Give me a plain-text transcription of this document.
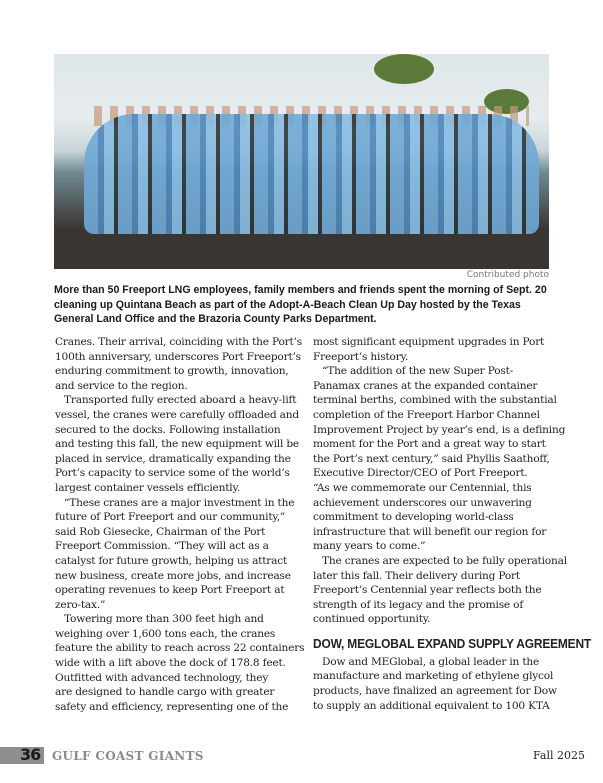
Contributed photo
More than 50 Freeport LNG employees, family members and friends spent the morning of Sept. 20 cleaning up Quintana Beach as part of the Adopt-A-Beach Clean Up Day hosted by the Texas General Land Office and the Brazoria County Parks Department.
Cranes. Their arrival, coinciding with the Port’s
100th anniversary, underscores Port Freeport’s
enduring commitment to growth, innovation,
and service to the region.
Transported fully erected aboard a heavy-lift
vessel, the cranes were carefully offloaded and
secured to the docks. Following installation
and testing this fall, the new equipment will be
placed in service, dramatically expanding the
Port’s capacity to service some of the world’s
largest container vessels efficiently.
“These cranes are a major investment in the
future of Port Freeport and our community,”
said Rob Giesecke, Chairman of the Port
Freeport Commission. “They will act as a
catalyst for future growth, helping us attract
new business, create more jobs, and increase
operating revenues to keep Port Freeport at
zero-tax.”
Towering more than 300 feet high and
weighing over 1,600 tons each, the cranes
feature the ability to reach across 22 containers
wide with a lift above the dock of 178.8 feet.
Outfitted with advanced technology, they
are designed to handle cargo with greater
safety and efficiency, representing one of the
most significant equipment upgrades in Port
Freeport’s history.
“The addition of the new Super Post-
Panamax cranes at the expanded container
terminal berths, combined with the substantial
completion of the Freeport Harbor Channel
Improvement Project by year’s end, is a defining
moment for the Port and a great way to start
the Port’s next century,” said Phyllis Saathoff,
Executive Director/CEO of Port Freeport.
“As we commemorate our Centennial, this
achievement underscores our unwavering
commitment to developing world-class
infrastructure that will benefit our region for
many years to come.”
The cranes are expected to be fully operational
later this fall. Their delivery during Port
Freeport’s Centennial year reflects both the
strength of its legacy and the promise of
continued opportunity.
DOW, MEGLOBAL EXPAND SUPPLY AGREEMENT
Dow and MEGlobal, a global leader in the
manufacture and marketing of ethylene glycol
products, have finalized an agreement for Dow
to supply an additional equivalent to 100 KTA
36 GULF COAST GIANTS	Fall 2025
